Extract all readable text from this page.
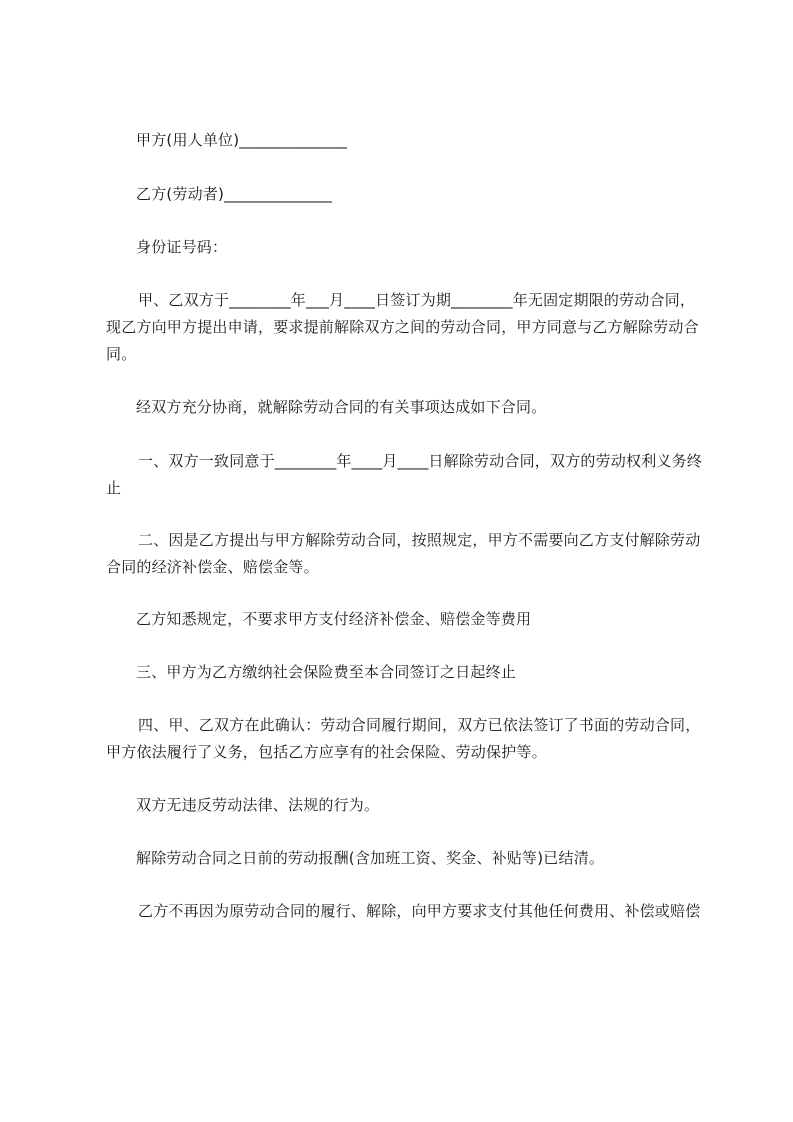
甲方(用人单位)______________

乙方(劳动者)______________

身份证号码：

甲、乙双方于________年___月____日签订为期________年无固定期限的劳动合同，现乙方向甲方提出申请，要求提前解除双方之间的劳动合同，甲方同意与乙方解除劳动合同。

经双方充分协商，就解除劳动合同的有关事项达成如下合同。

一、双方一致同意于________年____月____日解除劳动合同，双方的劳动权利义务终止

二、因是乙方提出与甲方解除劳动合同，按照规定，甲方不需要向乙方支付解除劳动合同的经济补偿金、赔偿金等。

乙方知悉规定，不要求甲方支付经济补偿金、赔偿金等费用

三、甲方为乙方缴纳社会保险费至本合同签订之日起终止

四、甲、乙双方在此确认：劳动合同履行期间，双方已依法签订了书面的劳动合同，甲方依法履行了义务，包括乙方应享有的社会保险、劳动保护等。

双方无违反劳动法律、法规的行为。

解除劳动合同之日前的劳动报酬(含加班工资、奖金、补贴等)已结清。

乙方不再因为原劳动合同的履行、解除，向甲方要求支付其他任何费用、补偿或赔偿
